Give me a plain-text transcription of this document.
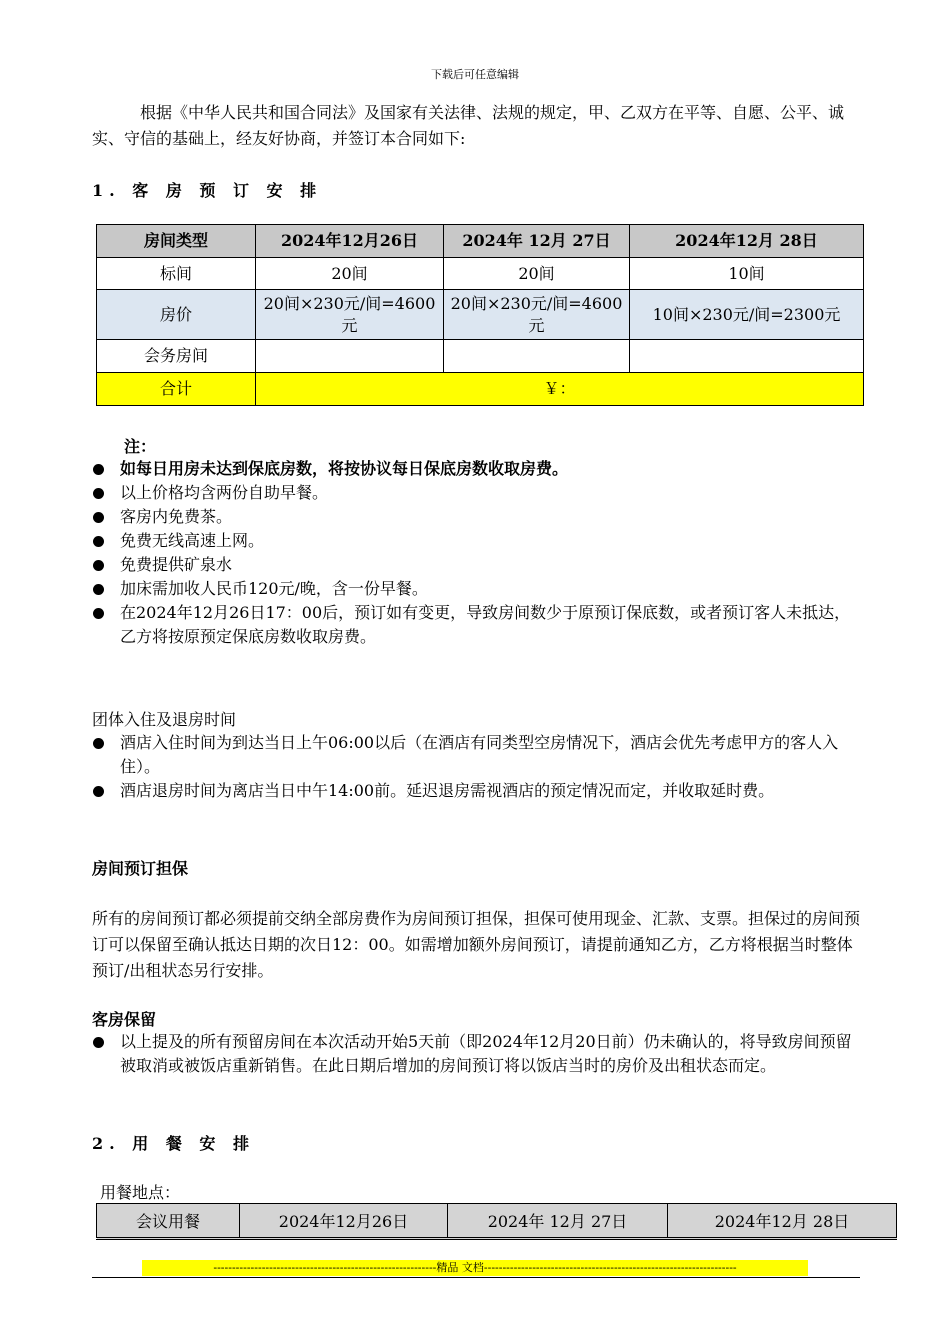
下载后可任意编辑
根据《中华人民共和国合同法》及国家有关法律、法规的规定，甲、乙双方在平等、自愿、公平、诚实、守信的基础上，经友好协商，并签订本合同如下:
1. 客 房 预 订 安 排
房间类型	2024年12月26日	2024年 12月 27日	2024年12月 28日
标间	20间	20间	10间
房价	20间×230元/间=4600元	20间×230元/间=4600元	10间×230元/间=2300元
会务房间			
合计	￥：		
注：
如每日用房未达到保底房数，将按协议每日保底房数收取房费。
以上价格均含两份自助早餐。
客房内免费茶。
免费无线高速上网。
免费提供矿泉水
加床需加收人民币120元/晚，含一份早餐。
在2024年12月26日17：00后，预订如有变更，导致房间数少于原预订保底数，或者预订客人未抵达，乙方将按原预定保底房数收取房费。
团体入住及退房时间
酒店入住时间为到达当日上午06:00以后（在酒店有同类型空房情况下，酒店会优先考虑甲方的客人入住）。
酒店退房时间为离店当日中午14:00前。延迟退房需视酒店的预定情况而定，并收取延时费。
房间预订担保
所有的房间预订都必须提前交纳全部房费作为房间预订担保，担保可使用现金、汇款、支票。担保过的房间预订可以保留至确认抵达日期的次日12：00。如需增加额外房间预订，请提前通知乙方，乙方将根据当时整体预订/出租状态另行安排。
客房保留
以上提及的所有预留房间在本次活动开始5天前（即2024年12月20日前）仍未确认的，将导致房间预留被取消或被饭店重新销售。在此日期后增加的房间预订将以饭店当时的房价及出租状态而定。
2. 用 餐 安 排
用餐地点：
会议用餐	2024年12月26日	2024年 12月 27日	2024年12月 28日
------------------------------------------------------------精品 文档--------------------------------------------------------------------
